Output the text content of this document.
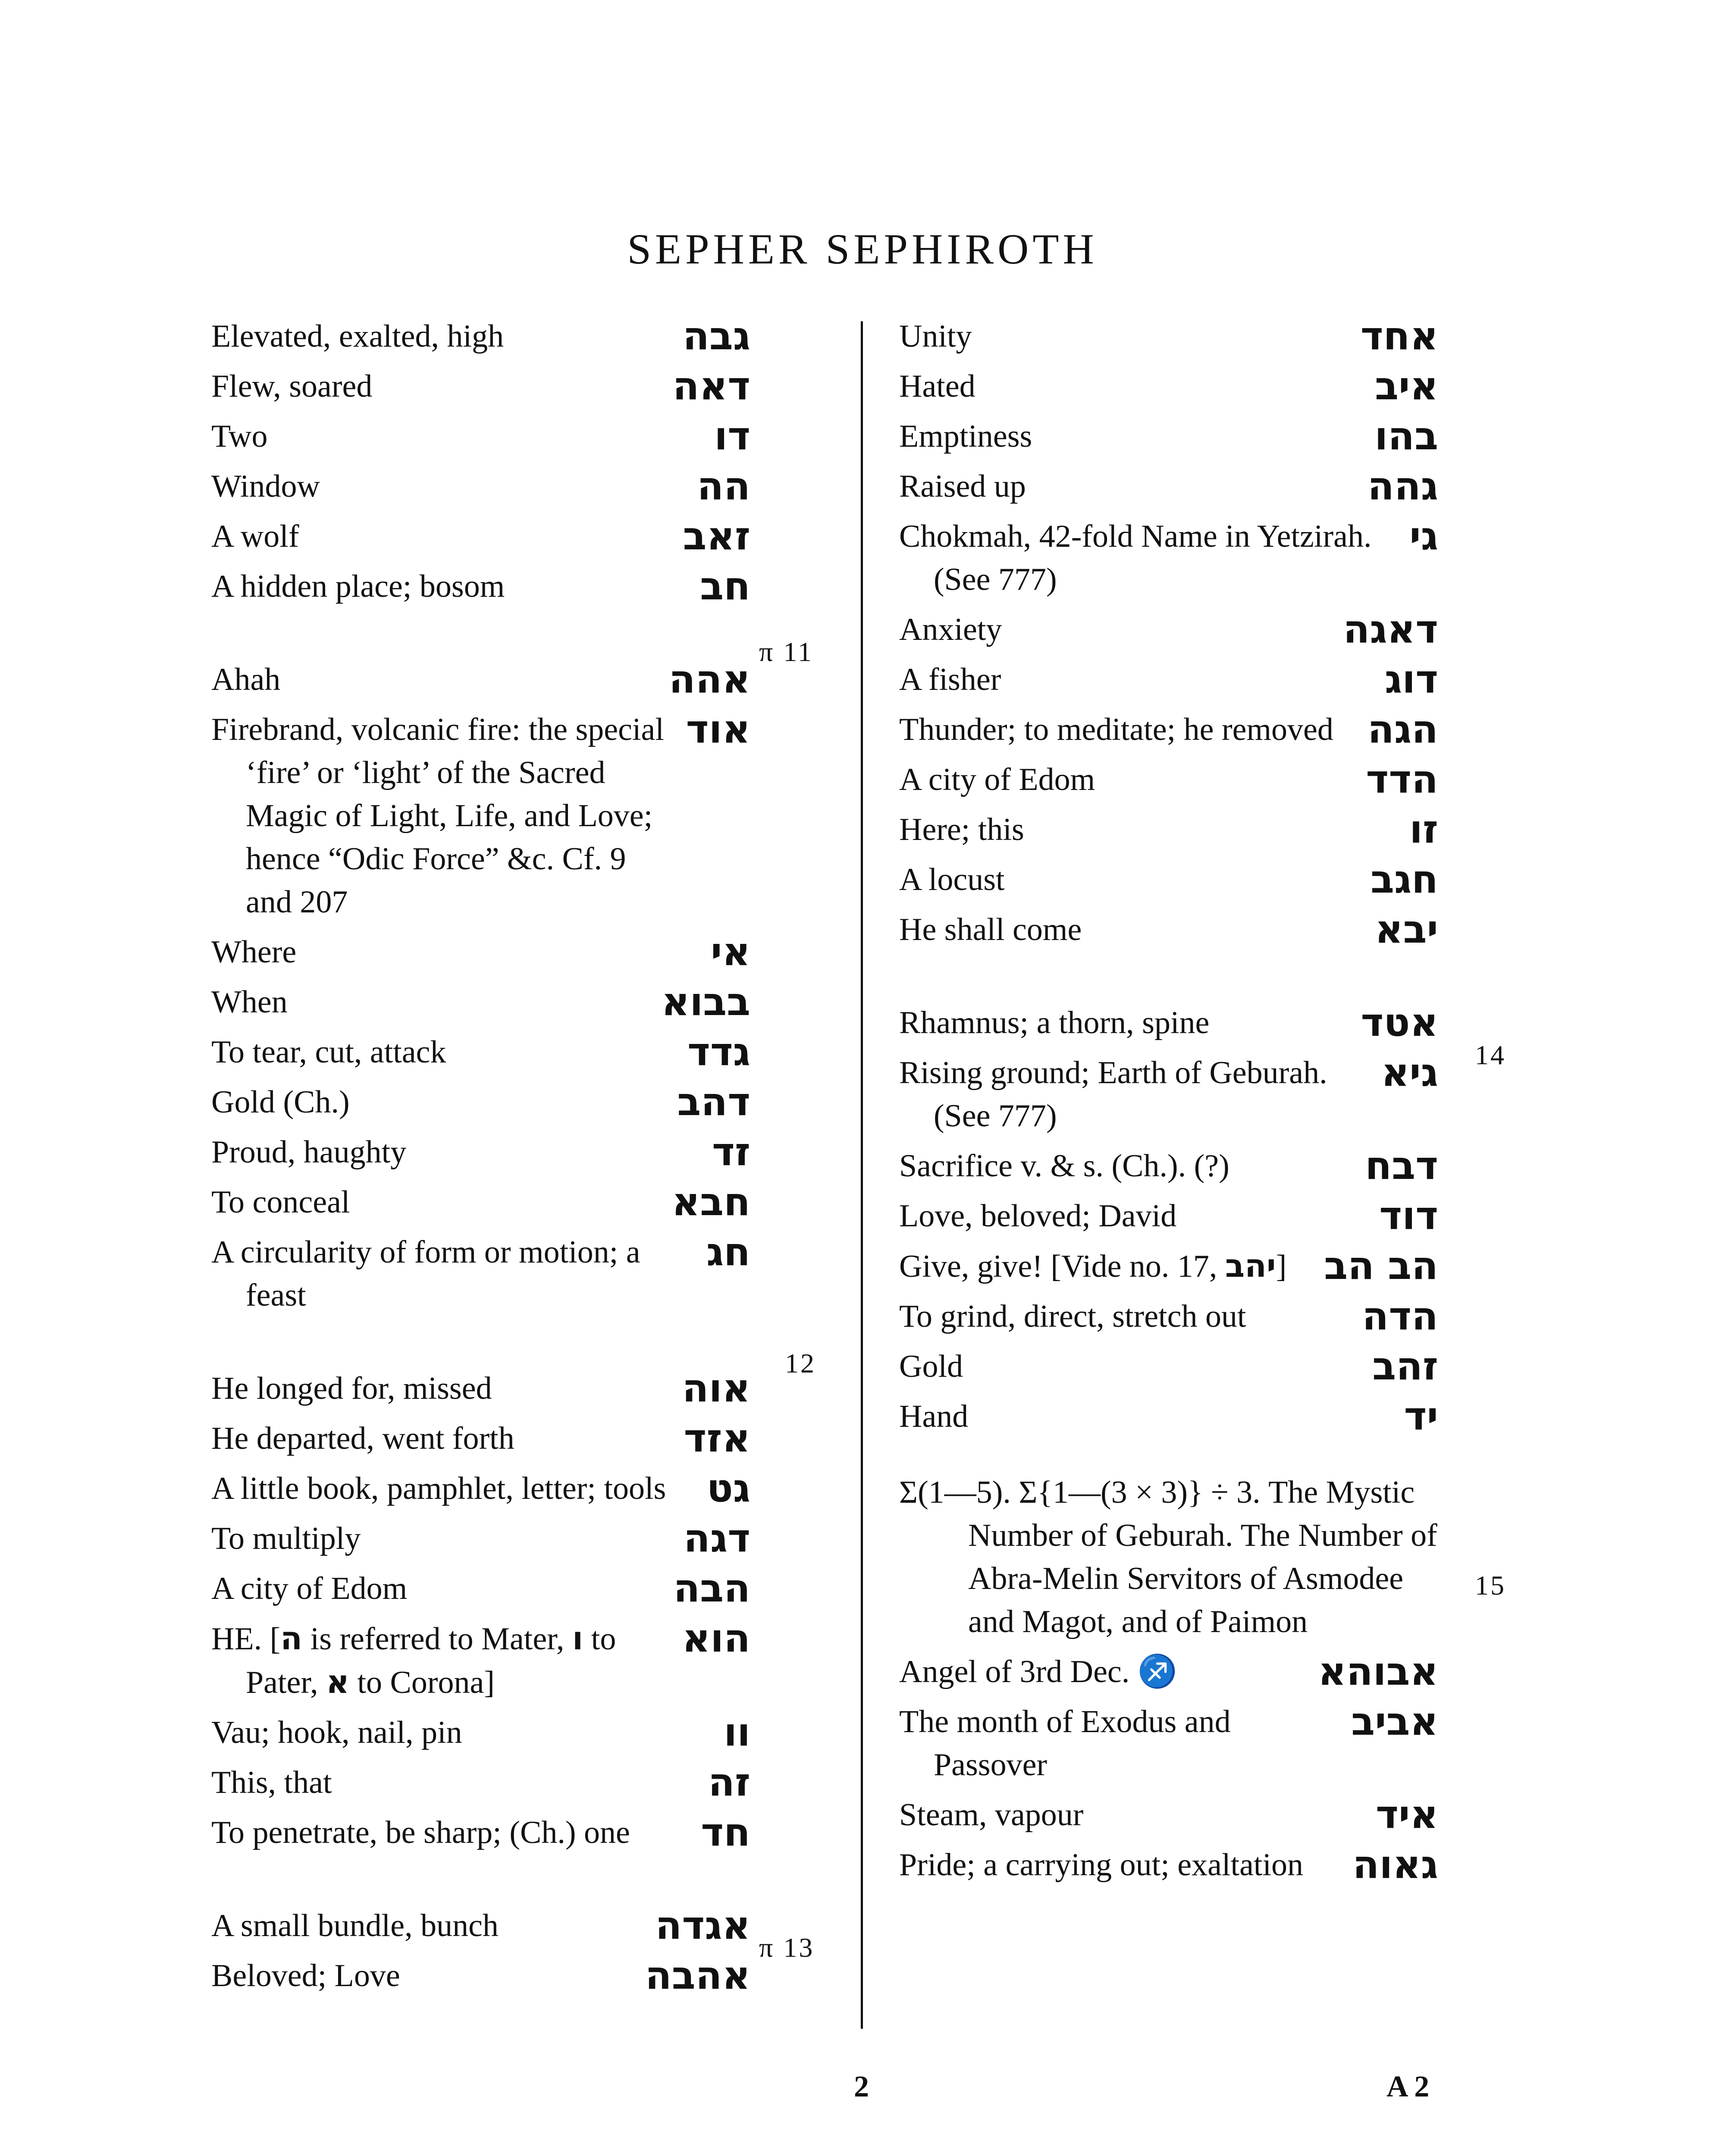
SEPHER SEPHIROTH
Elevated, exalted, high	גבה
Flew, soared	דאה
Two	דו
Window	הה
A wolf	זאב
A hidden place; bosom	חב
Ahah	אהה
Firebrand, volcanic fire: the special ‘fire’ or ‘light’ of the Sacred Magic of Light, Life, and Love; hence “Odic Force” &c. Cf. 9 and 207
אוד
Where	אי
When	בבוא
To tear, cut, attack	גדד
Gold (Ch.)	דהב
Proud, haughty	זד
To conceal	חבא
A circularity of form or motion; a feast
חג
He longed for, missed	אוה
He departed, went forth	אזד
A little book, pamphlet, letter; tools	גט
To multiply	דגה
A city of Edom	הבה
HE. [ה is referred to Mater, ו to Pater, א to Corona]
הוא
Vau; hook, nail, pin	וו
This, that	זה
To penetrate, be sharp; (Ch.) one	חד
A small bundle, bunch	אגדה
Beloved; Love	אהבה
π 11
12
π 13
Unity	אחד
Hated	איב
Emptiness	בהו
Raised up	גהה
Chokmah, 42-fold Name in Yetzirah. (See 777)
גי
Anxiety	דאגה
A fisher	דוג
Thunder; to meditate; he removed הגה
A city of Edom	הדד
Here; this	זו
A locust	חגב
He shall come	יבא
Rhamnus; a thorn, spine	אטד
Rising ground; Earth of Geburah. (See 777)
גיא
Sacrifice v. & s. (Ch.). (?)	דבח
Love, beloved; David	דוד
Give, give! [Vide no. 17, יהב] הב הב
To grind, direct, stretch out	הדה
Gold	זהב
Hand	יד
Σ(1—5). Σ{1—(3 × 3)} ÷ 3. The Mystic Number of Geburah. The Number of Abra-Melin Servitors of Asmodee and Magot, and of Paimon
Angel of 3rd Dec. ♐	אבוהא
The month of Exodus and Passover
אביב
Steam, vapour	איד
Pride; a carrying out; exaltation	גאוה
14
15
2	A 2
